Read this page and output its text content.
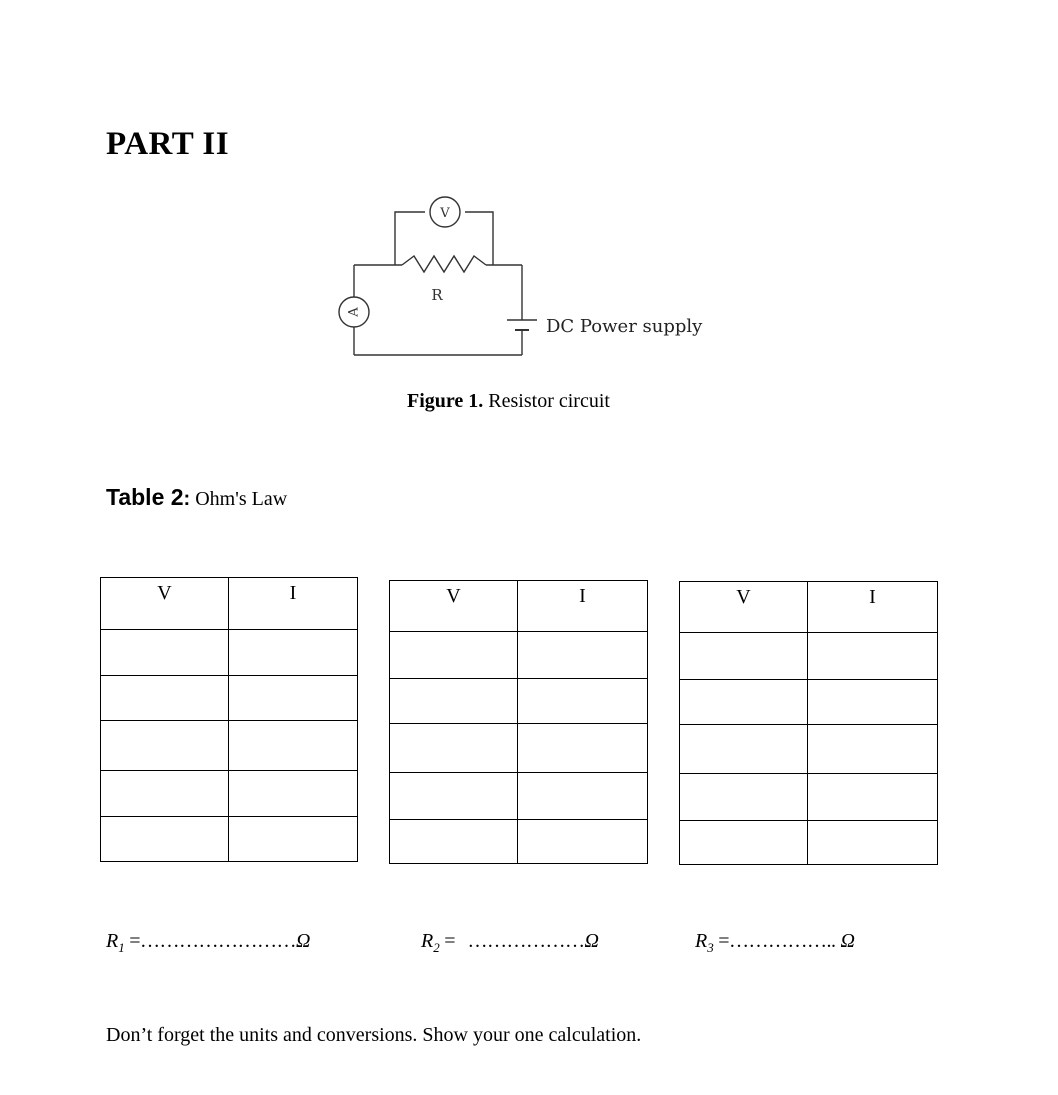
PART II
V
A
R
DC Power supply
Figure 1. Resistor circuit
Table 2: Ohm's Law
V	I

		V	I

		V	I

$R_1$ =……………………Ω	$R_2$ = ………………Ω	$R_3$ =…………….. Ω
Don’t forget the units and conversions. Show your one calculation.
